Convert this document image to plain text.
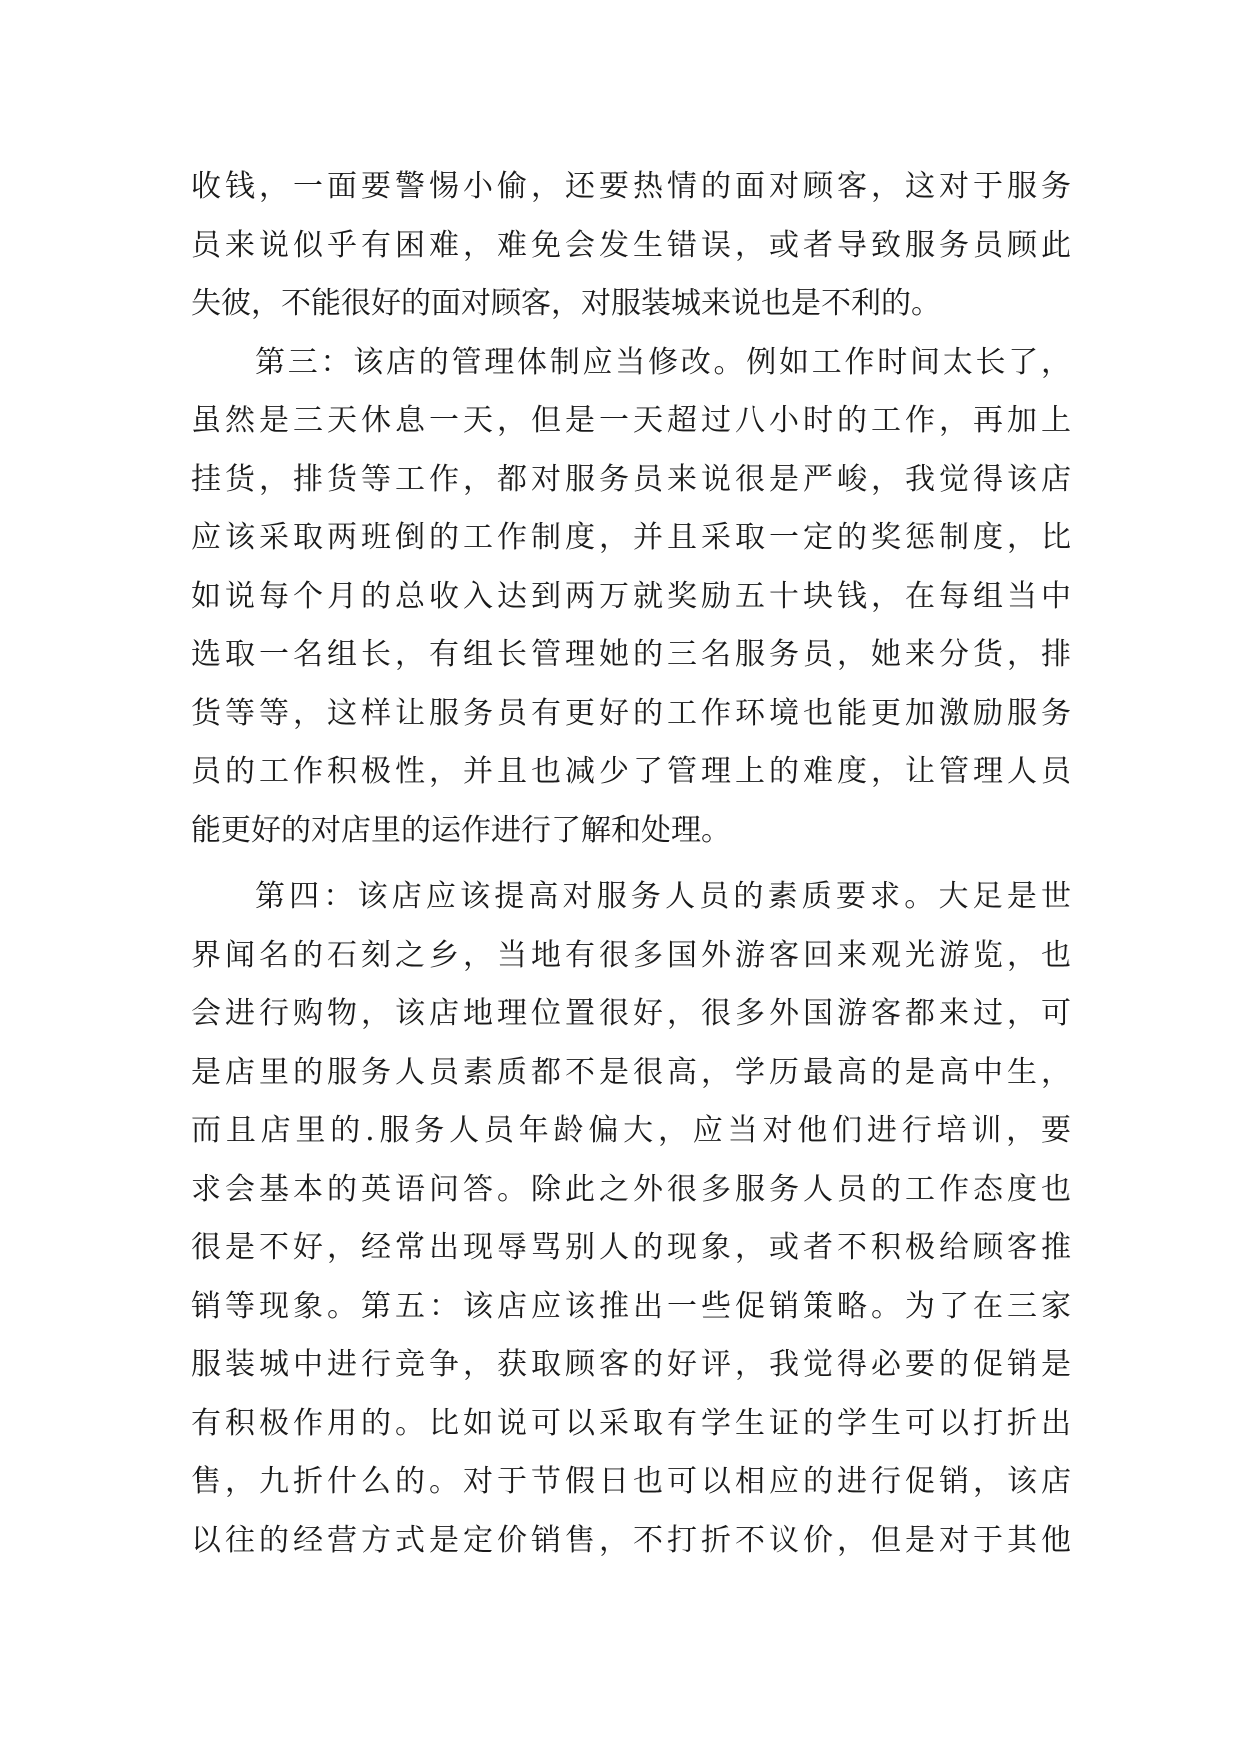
收钱，一面要警惕小偷，还要热情的面对顾客，这对于服务
员来说似乎有困难，难免会发生错误，或者导致服务员顾此
失彼，不能很好的面对顾客，对服装城来说也是不利的。
第三：该店的管理体制应当修改。例如工作时间太长了，
虽然是三天休息一天，但是一天超过八小时的工作，再加上
挂货，排货等工作，都对服务员来说很是严峻，我觉得该店
应该采取两班倒的工作制度，并且采取一定的奖惩制度，比
如说每个月的总收入达到两万就奖励五十块钱，在每组当中
选取一名组长，有组长管理她的三名服务员，她来分货，排
货等等，这样让服务员有更好的工作环境也能更加激励服务
员的工作积极性，并且也减少了管理上的难度，让管理人员
能更好的对店里的运作进行了解和处理。
第四：该店应该提高对服务人员的素质要求。大足是世
界闻名的石刻之乡，当地有很多国外游客回来观光游览，也
会进行购物，该店地理位置很好，很多外国游客都来过，可
是店里的服务人员素质都不是很高，学历最高的是高中生，
而且店里的.服务人员年龄偏大，应当对他们进行培训，要
求会基本的英语问答。除此之外很多服务人员的工作态度也
很是不好，经常出现辱骂别人的现象，或者不积极给顾客推
销等现象。第五：该店应该推出一些促销策略。为了在三家
服装城中进行竞争，获取顾客的好评，我觉得必要的促销是
有积极作用的。比如说可以采取有学生证的学生可以打折出
售，九折什么的。对于节假日也可以相应的进行促销，该店
以往的经营方式是定价销售，不打折不议价，但是对于其他
